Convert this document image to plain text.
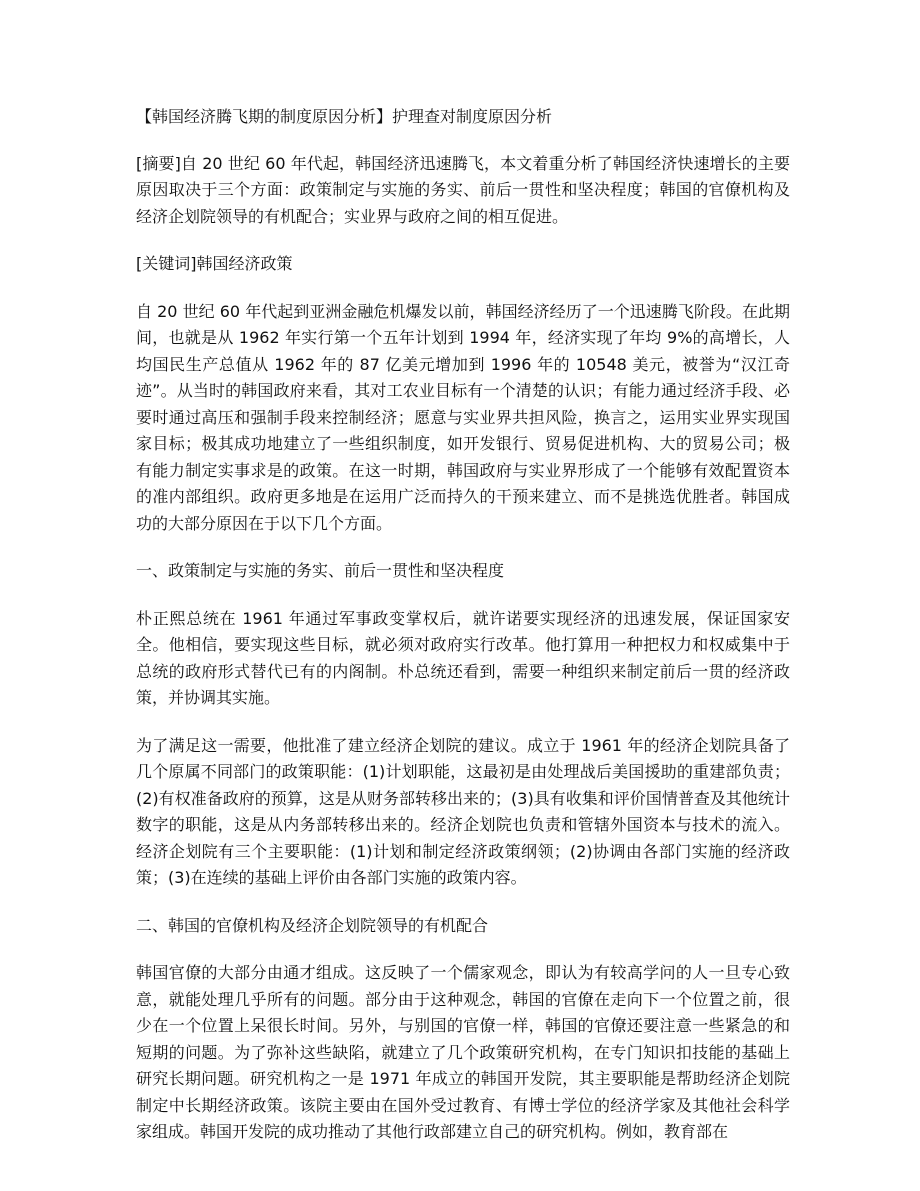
【韩国经济腾飞期的制度原因分析】护理查对制度原因分析

[摘要]自 20 世纪 60 年代起，韩国经济迅速腾飞，本文着重分析了韩国经济快速增长的主要原因取决于三个方面：政策制定与实施的务实、前后一贯性和坚决程度；韩国的官僚机构及经济企划院领导的有机配合；实业界与政府之间的相互促进。

[关键词]韩国经济政策

自 20 世纪 60 年代起到亚洲金融危机爆发以前，韩国经济经历了一个迅速腾飞阶段。在此期间，也就是从 1962 年实行第一个五年计划到 1994 年，经济实现了年均 9%的高增长，人均国民生产总值从 1962 年的 87 亿美元增加到 1996 年的 10548 美元，被誉为“汉江奇迹”。从当时的韩国政府来看，其对工农业目标有一个清楚的认识；有能力通过经济手段、必要时通过高压和强制手段来控制经济；愿意与实业界共担风险，换言之，运用实业界实现国家目标；极其成功地建立了一些组织制度，如开发银行、贸易促进机构、大的贸易公司；极有能力制定实事求是的政策。在这一时期，韩国政府与实业界形成了一个能够有效配置资本的准内部组织。政府更多地是在运用广泛而持久的干预来建立、而不是挑选优胜者。韩国成功的大部分原因在于以下几个方面。

一、政策制定与实施的务实、前后一贯性和坚决程度

朴正熙总统在 1961 年通过军事政变掌权后，就许诺要实现经济的迅速发展，保证国家安全。他相信，要实现这些目标，就必须对政府实行改革。他打算用一种把权力和权威集中于总统的政府形式替代已有的内阁制。朴总统还看到，需要一种组织来制定前后一贯的经济政策，并协调其实施。

为了满足这一需要，他批准了建立经济企划院的建议。成立于 1961 年的经济企划院具备了几个原属不同部门的政策职能：(1)计划职能，这最初是由处理战后美国援助的重建部负责；(2)有权准备政府的预算，这是从财务部转移出来的；(3)具有收集和评价国情普查及其他统计数字的职能，这是从内务部转移出来的。经济企划院也负责和管辖外国资本与技术的流入。经济企划院有三个主要职能：(1)计划和制定经济政策纲领；(2)协调由各部门实施的经济政策；(3)在连续的基础上评价由各部门实施的政策内容。

二、韩国的官僚机构及经济企划院领导的有机配合

韩国官僚的大部分由通才组成。这反映了一个儒家观念，即认为有较高学问的人一旦专心致意，就能处理几乎所有的问题。部分由于这种观念，韩国的官僚在走向下一个位置之前，很少在一个位置上呆很长时间。另外，与别国的官僚一样，韩国的官僚还要注意一些紧急的和短期的问题。为了弥补这些缺陷，就建立了几个政策研究机构，在专门知识扣技能的基础上研究长期问题。研究机构之一是 1971 年成立的韩国开发院，其主要职能是帮助经济企划院制定中长期经济政策。该院主要由在国外受过教育、有博士学位的经济学家及其他社会科学家组成。韩国开发院的成功推动了其他行政部建立自己的研究机构。例如，教育部在
